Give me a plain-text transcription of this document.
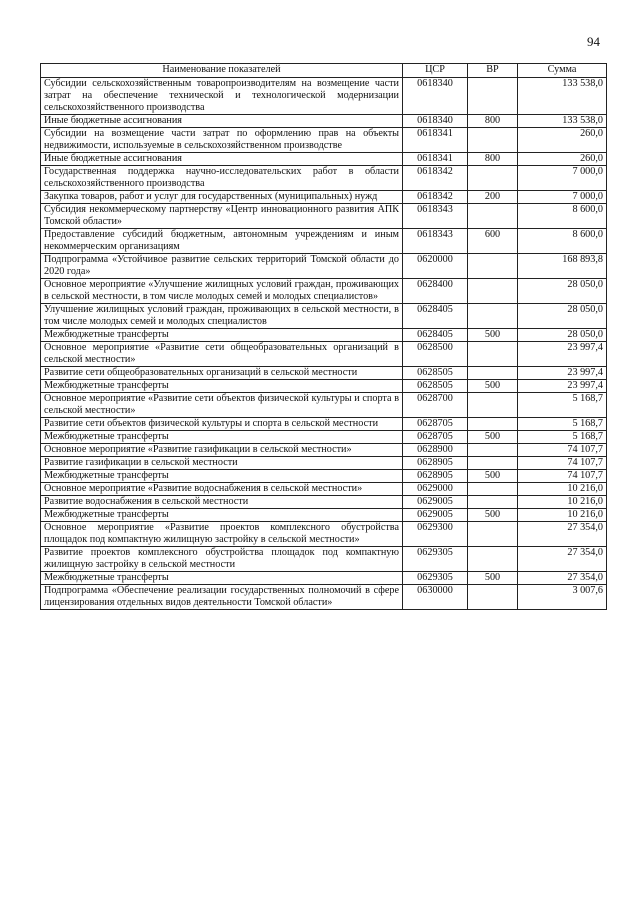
94
Наименование показателей	ЦСР	ВР	Сумма
Субсидии сельскохозяйственным товаропроизводителям на возмещение части затрат на обеспечение технической и технологической модернизации сельскохозяйственного производства	0618340		133 538,0
Иные бюджетные ассигнования	0618340	800	133 538,0
Субсидии на возмещение части затрат по оформлению прав на объекты недвижимости, используемые в сельскохозяйственном производстве	0618341		260,0
Иные бюджетные ассигнования	0618341	800	260,0
Государственная поддержка научно-исследовательских работ в области сельскохозяйственного производства	0618342		7 000,0
Закупка товаров, работ и услуг для государственных (муниципальных) нужд	0618342	200	7 000,0
Субсидия некоммерческому партнерству «Центр инновационного развития АПК Томской области»	0618343		8 600,0
Предоставление субсидий бюджетным, автономным учреждениям и иным некоммерческим организациям	0618343	600	8 600,0
Подпрограмма «Устойчивое развитие сельских территорий Томской области до 2020 года»	0620000		168 893,8
Основное мероприятие «Улучшение жилищных условий граждан, проживающих в сельской местности, в том числе молодых семей и молодых специалистов»	0628400		28 050,0
Улучшение жилищных условий граждан, проживающих в сельской местности, в том числе молодых семей и молодых специалистов	0628405		28 050,0
Межбюджетные трансферты	0628405	500	28 050,0
Основное мероприятие «Развитие сети общеобразовательных организаций в сельской местности»	0628500		23 997,4
Развитие сети общеобразовательных организаций в сельской местности	0628505		23 997,4
Межбюджетные трансферты	0628505	500	23 997,4
Основное мероприятие «Развитие сети объектов физической культуры и спорта в сельской местности»	0628700		5 168,7
Развитие сети объектов физической культуры и спорта в сельской местности	0628705		5 168,7
Межбюджетные трансферты	0628705	500	5 168,7
Основное мероприятие «Развитие газификации в сельской местности»	0628900		74 107,7
Развитие газификации в сельской местности	0628905		74 107,7
Межбюджетные трансферты	0628905	500	74 107,7
Основное мероприятие «Развитие водоснабжения в сельской местности»	0629000		10 216,0
Развитие водоснабжения в сельской местности	0629005		10 216,0
Межбюджетные трансферты	0629005	500	10 216,0
Основное мероприятие «Развитие проектов комплексного обустройства площадок под компактную жилищную застройку в сельской местности»	0629300		27 354,0
Развитие проектов комплексного обустройства площадок под компактную жилищную застройку в сельской местности	0629305		27 354,0
Межбюджетные трансферты	0629305	500	27 354,0
Подпрограмма «Обеспечение реализации государственных полномочий в сфере лицензирования отдельных видов деятельности Томской области»	0630000		3 007,6
